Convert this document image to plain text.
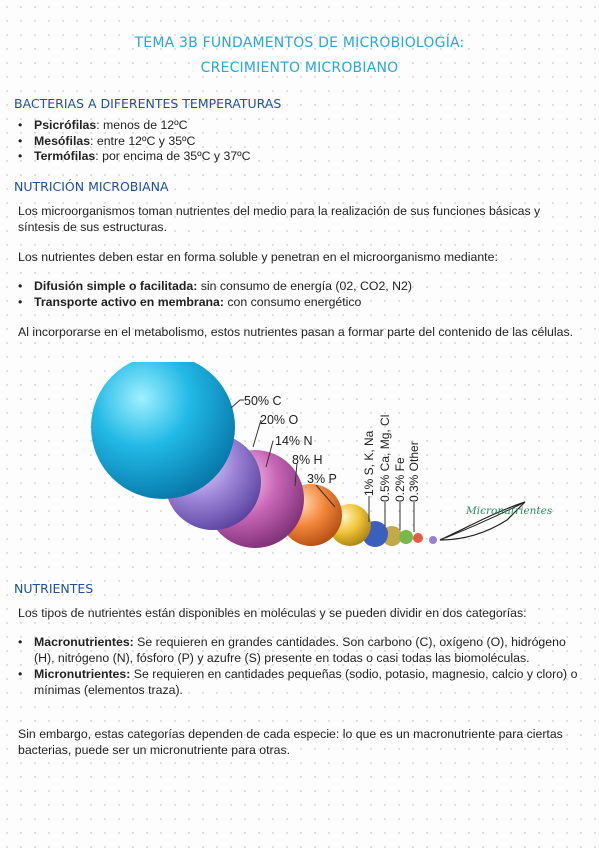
TEMA 3B FUNDAMENTOS DE MICROBIOLOGÍA:
CRECIMIENTO MICROBIANO
BACTERIAS A DIFERENTES TEMPERATURAS
• Psicrófilas: menos de 12ºC
• Mesófilas: entre 12ºC y 35ºC
• Termófilas: por encima de 35ºC y 37ºC
NUTRICIÓN MICROBIANA
Los microorganismos toman nutrientes del medio para la realización de sus funciones básicas y síntesis de sus estructuras.
Los nutrientes deben estar en forma soluble y penetran en el microorganismo mediante:
• Difusión simple o facilitada: sin consumo de energía (02, CO2, N2)
• Transporte activo en membrana: con consumo energético
Al incorporarse en el metabolismo, estos nutrientes pasan a formar parte del contenido de las células.
50% C
20% O
14% N
8% H
3% P 1% S, K, Na 0.5% Ca, Mg, Cl 0.2% Fe 0.3% Other
Micronutrientes
NUTRIENTES
Los tipos de nutrientes están disponibles en moléculas y se pueden dividir en dos categorías:
• Macronutrientes: Se requieren en grandes cantidades. Son carbono (C), oxígeno (O), hidrógeno (H), nitrógeno (N), fósforo (P) y azufre (S) presente en todas o casi todas las biomoléculas.
• Micronutrientes: Se requieren en cantidades pequeñas (sodio, potasio, magnesio, calcio y cloro) o mínimas (elementos traza).
Sin embargo, estas categorías dependen de cada especie: lo que es un macronutriente para ciertas bacterias, puede ser un micronutriente para otras.
